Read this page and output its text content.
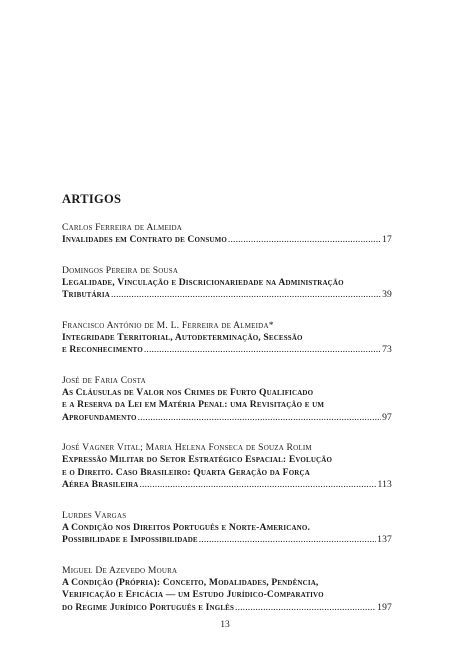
ARTIGOS
Carlos Ferreira de Almeida
Invalidades em Contrato de Consumo .....	17
Domingos Pereira de Sousa
Legalidade, Vinculação e Discricionariedade na Administração
Tributária .....	39
Francisco António de M. L. Ferreira de Almeida*
Integridade Territorial, Autodeterminação, Secessão
e Reconhecimento .....	73
José de Faria Costa
As Cláusulas de Valor nos Crimes de Furto Qualificado
e a Reserva da Lei em Matéria Penal: uma Revisitação e um
Aprofundamento .....	97
José Vagner Vital; Maria Helena Fonseca de Souza Rolim
Expressão Militar do Setor Estratégico Espacial: Evolução
e o Direito. Caso Brasileiro: Quarta Geração da Força
Aérea Brasileira .....	113
Lurdes Vargas
A Condição nos Direitos Português e Norte-Americano.
Possibilidade e Impossibilidade .....	137
Miguel De Azevedo Moura
A Condição (Própria): Conceito, Modalidades, Pendência,
Verificação e Eficácia — um Estudo Jurídico-Comparativo
do Regime Jurídico Português e Inglês .....	197
13
